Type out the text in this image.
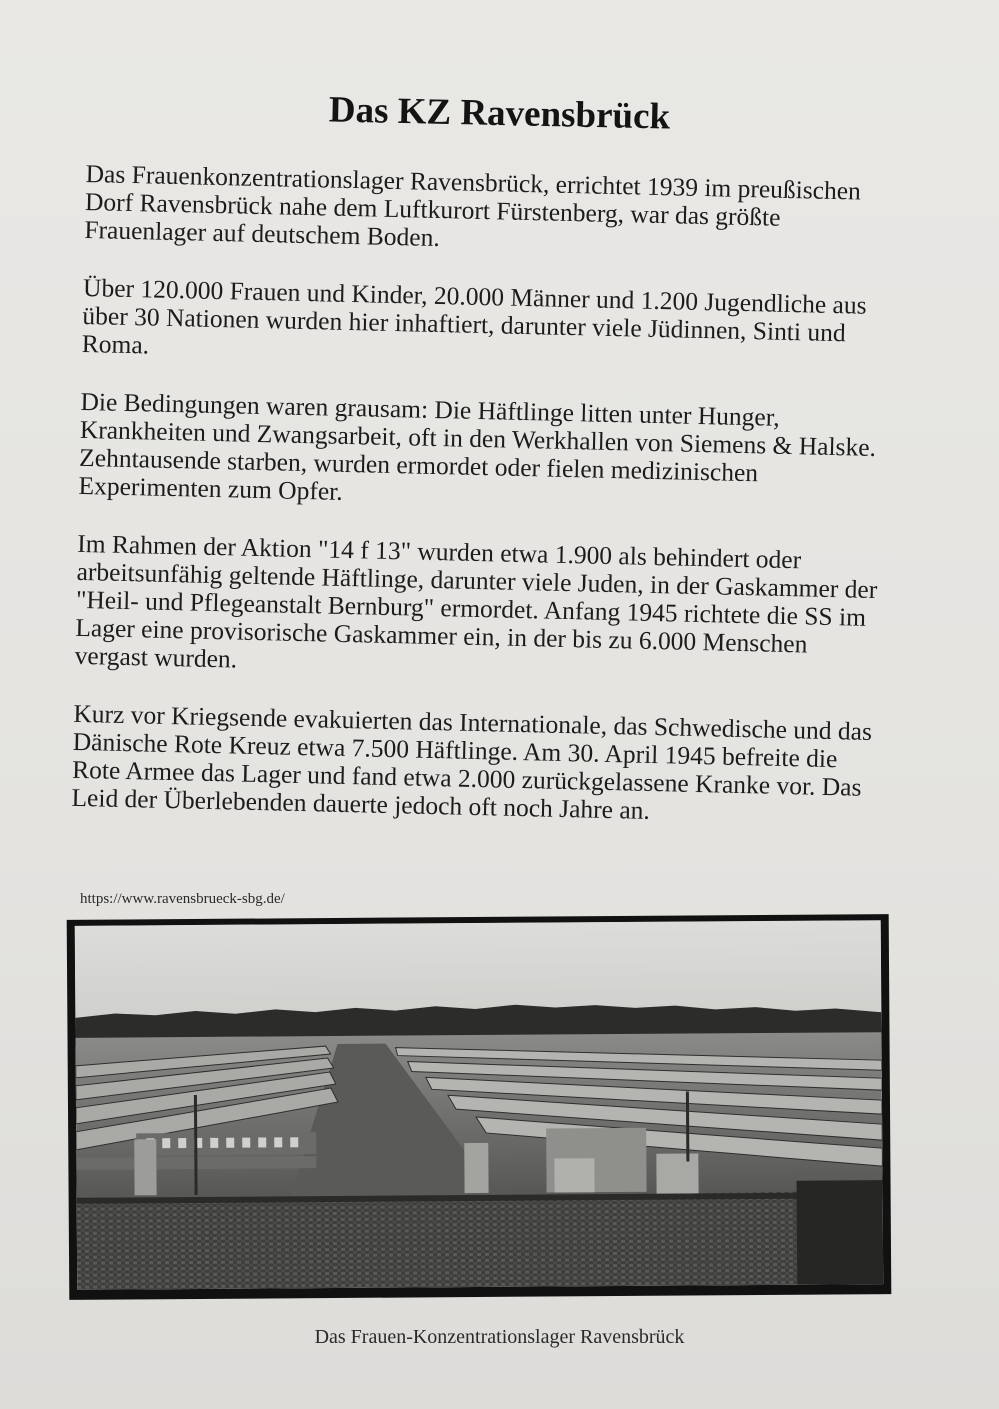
Das KZ Ravensbrück

Das Frauenkonzentrationslager Ravensbrück, errichtet 1939 im preußischen Dorf Ravensbrück nahe dem Luftkurort Fürstenberg, war das größte Frauenlager auf deutschem Boden.

Über 120.000 Frauen und Kinder, 20.000 Männer und 1.200 Jugendliche aus über 30 Nationen wurden hier inhaftiert, darunter viele Jüdinnen, Sinti und Roma.

Die Bedingungen waren grausam: Die Häftlinge litten unter Hunger, Krankheiten und Zwangsarbeit, oft in den Werkhallen von Siemens & Halske. Zehntausende starben, wurden ermordet oder fielen medizinischen Experimenten zum Opfer.

Im Rahmen der Aktion "14 f 13" wurden etwa 1.900 als behindert oder arbeitsunfähig geltende Häftlinge, darunter viele Juden, in der Gaskammer der "Heil- und Pflegeanstalt Bernburg" ermordet. Anfang 1945 richtete die SS im Lager eine provisorische Gaskammer ein, in der bis zu 6.000 Menschen vergast wurden.

Kurz vor Kriegsende evakuierten das Internationale, das Schwedische und das Dänische Rote Kreuz etwa 7.500 Häftlinge. Am 30. April 1945 befreite die Rote Armee das Lager und fand etwa 2.000 zurückgelassene Kranke vor. Das Leid der Überlebenden dauerte jedoch oft noch Jahre an.

https://www.ravensbrueck-sbg.de/
Das Frauen-Konzentrationslager Ravensbrück
